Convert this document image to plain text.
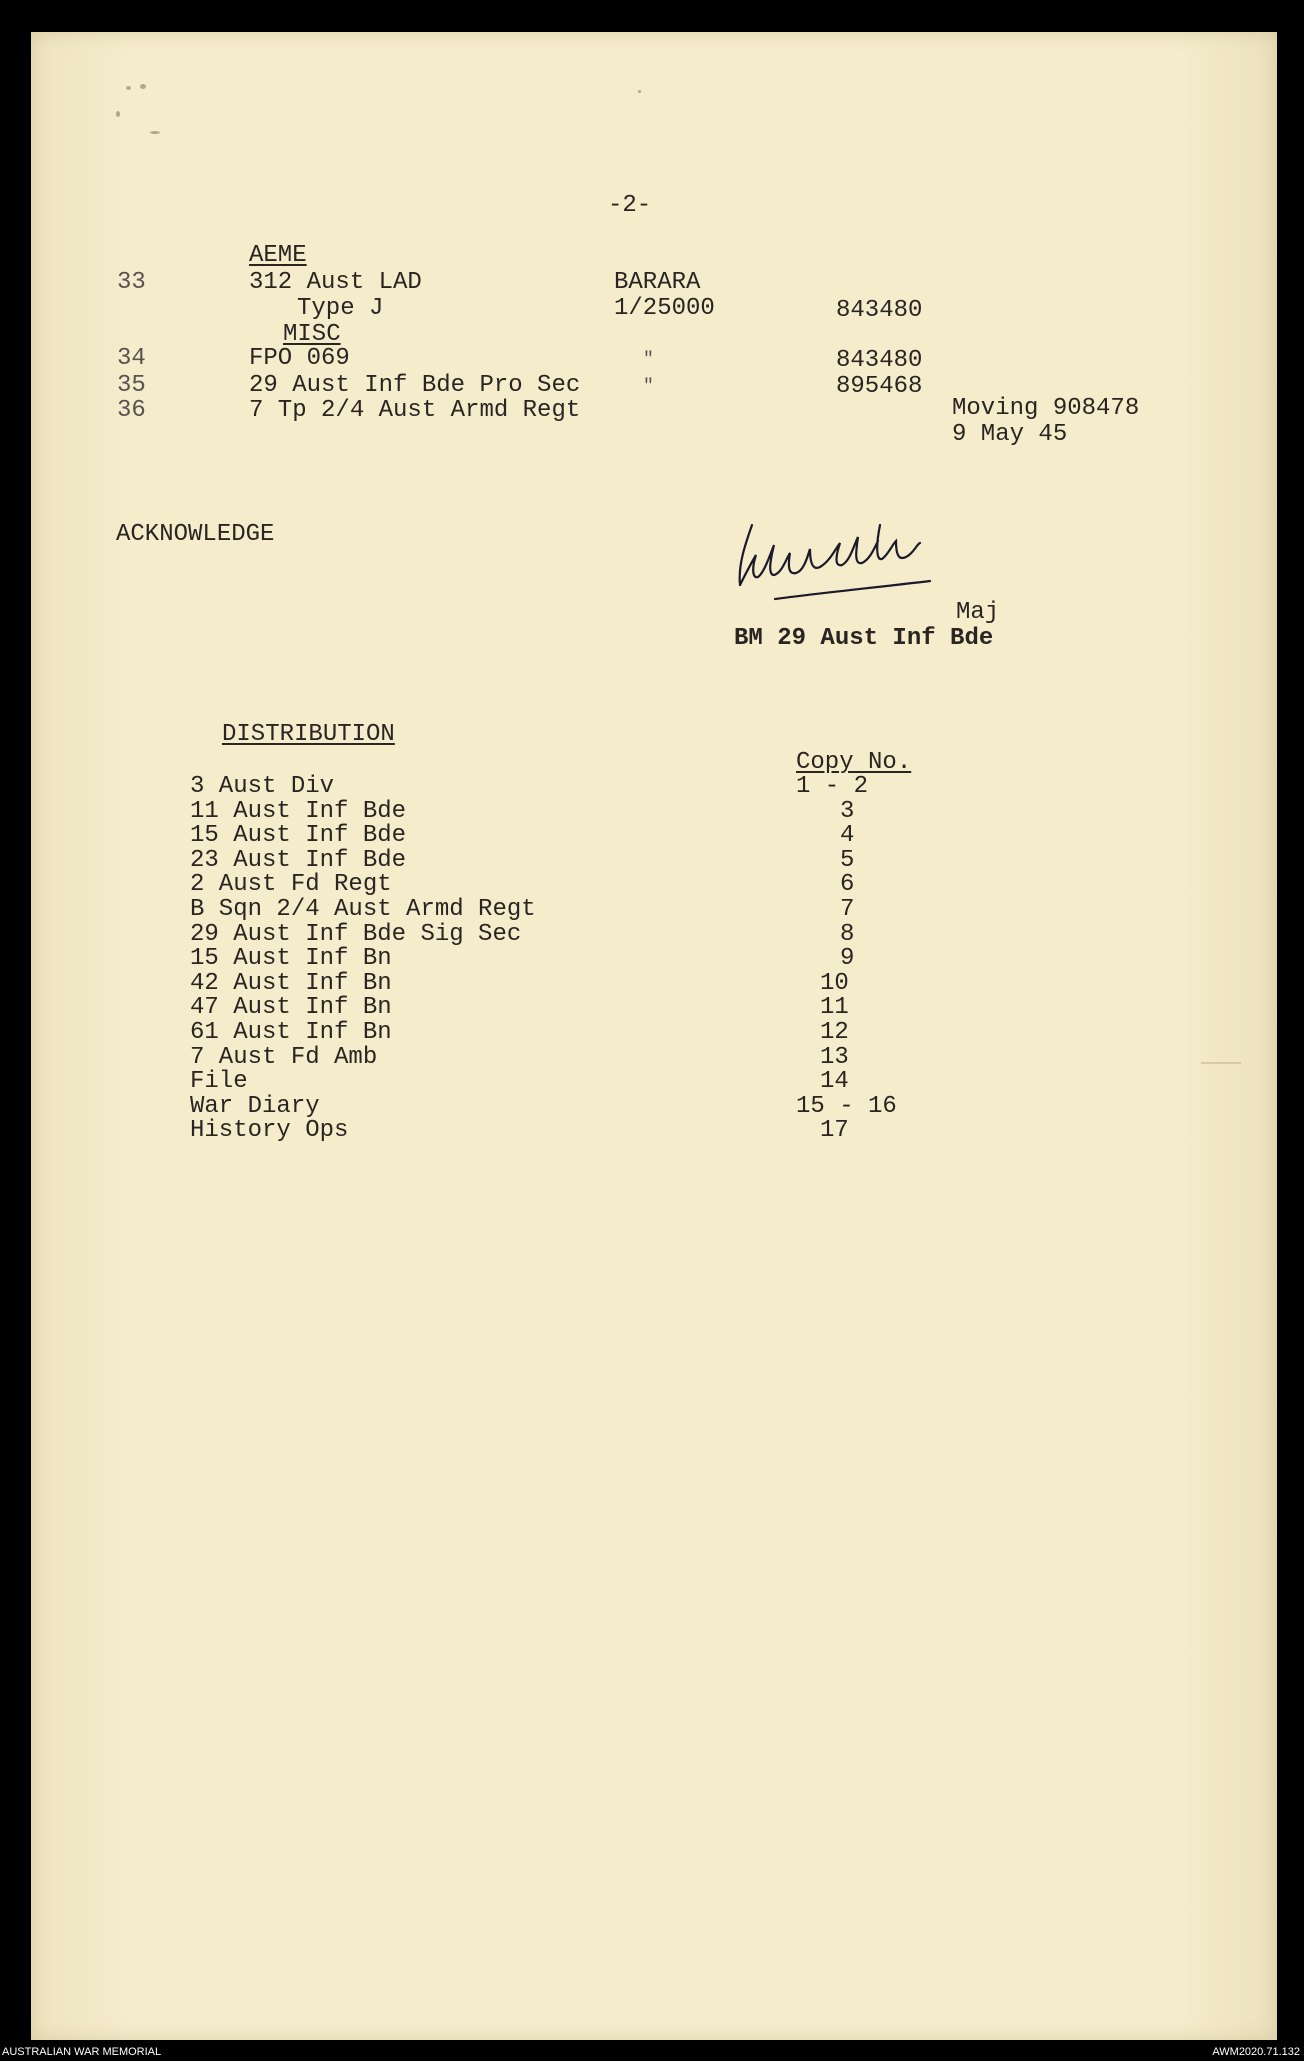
-2-
AEME
33	312 Aust LAD	BARARA
Type J	1/25000	843480
MISC
34	FPO 069	"	843480
35	29 Aust Inf Bde Pro Sec	"	895468
36	7 Tp 2/4 Aust Armd Regt	Moving 908478
9 May 45
ACKNOWLEDGE
Maj
BM 29 Aust Inf Bde
DISTRIBUTION
Copy No.
3 Aust Div	1 - 2
11 Aust Inf Bde	3
15 Aust Inf Bde	4
23 Aust Inf Bde	5
2 Aust Fd Regt	6
B Sqn 2/4 Aust Armd Regt	7
29 Aust Inf Bde Sig Sec	8
15 Aust Inf Bn	9
42 Aust Inf Bn	10
47 Aust Inf Bn	11
61 Aust Inf Bn	12
7 Aust Fd Amb	13
File	14
War Diary	15 - 16
History Ops	17
AUSTRALIAN WAR MEMORIAL	AWM2020.71.132
